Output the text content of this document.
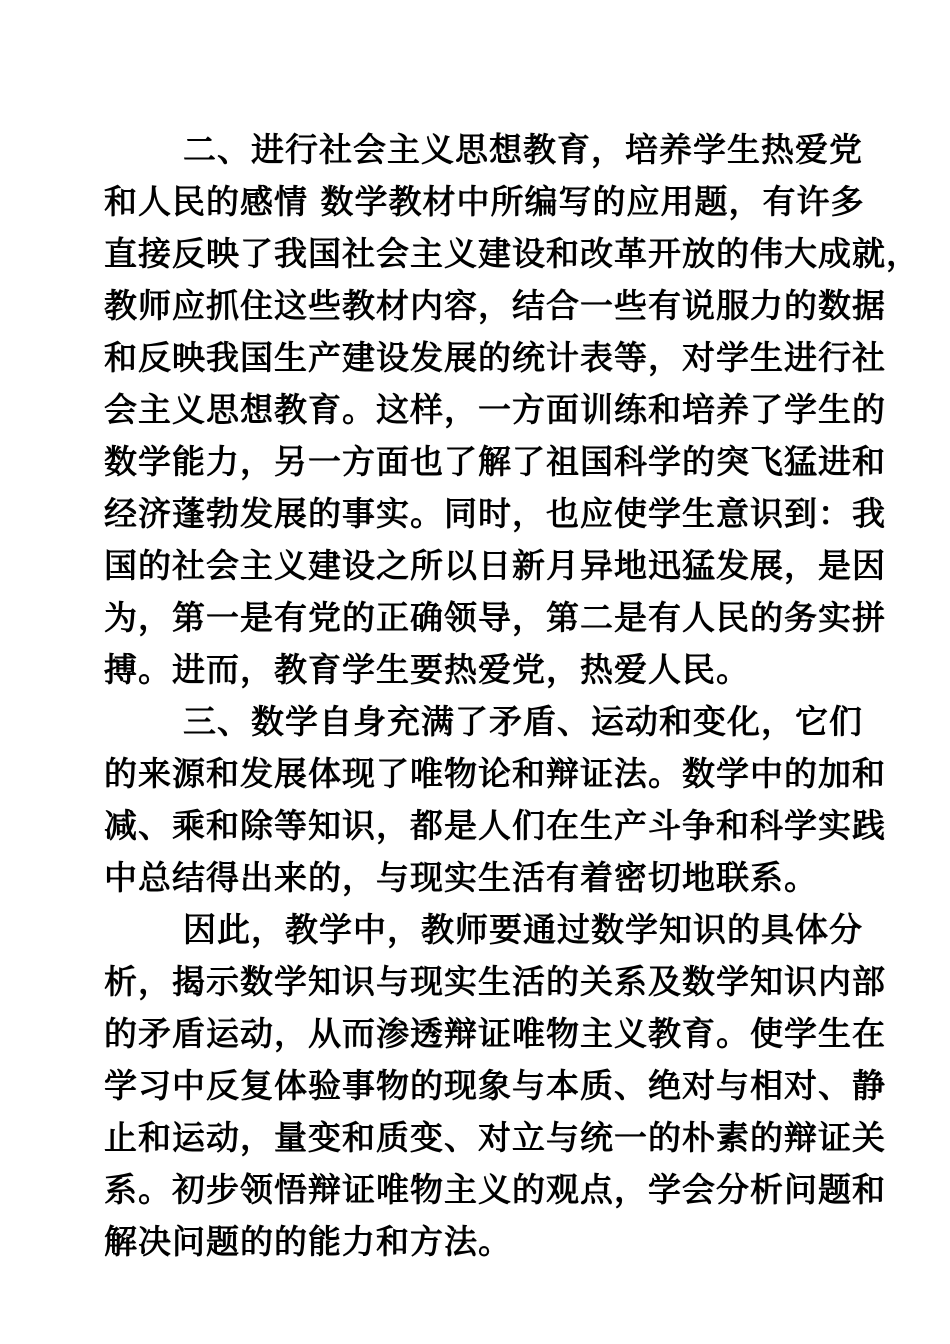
二、进行社会主义思想教育，培养学生热爱党
和人民的感情 数学教材中所编写的应用题，有许多
直接反映了我国社会主义建设和改革开放的伟大成就，
教师应抓住这些教材内容，结合一些有说服力的数据
和反映我国生产建设发展的统计表等，对学生进行社
会主义思想教育。这样，一方面训练和培养了学生的
数学能力，另一方面也了解了祖国科学的突飞猛进和
经济蓬勃发展的事实。同时，也应使学生意识到：我
国的社会主义建设之所以日新月异地迅猛发展，是因
为，第一是有党的正确领导，第二是有人民的务实拼
搏。进而，教育学生要热爱党，热爱人民。
三、数学自身充满了矛盾、运动和变化，它们
的来源和发展体现了唯物论和辩证法。数学中的加和
减、乘和除等知识，都是人们在生产斗争和科学实践
中总结得出来的，与现实生活有着密切地联系。
因此，教学中，教师要通过数学知识的具体分
析，揭示数学知识与现实生活的关系及数学知识内部
的矛盾运动，从而渗透辩证唯物主义教育。使学生在
学习中反复体验事物的现象与本质、绝对与相对、静
止和运动，量变和质变、对立与统一的朴素的辩证关
系。初步领悟辩证唯物主义的观点，学会分析问题和
解决问题的的能力和方法。
